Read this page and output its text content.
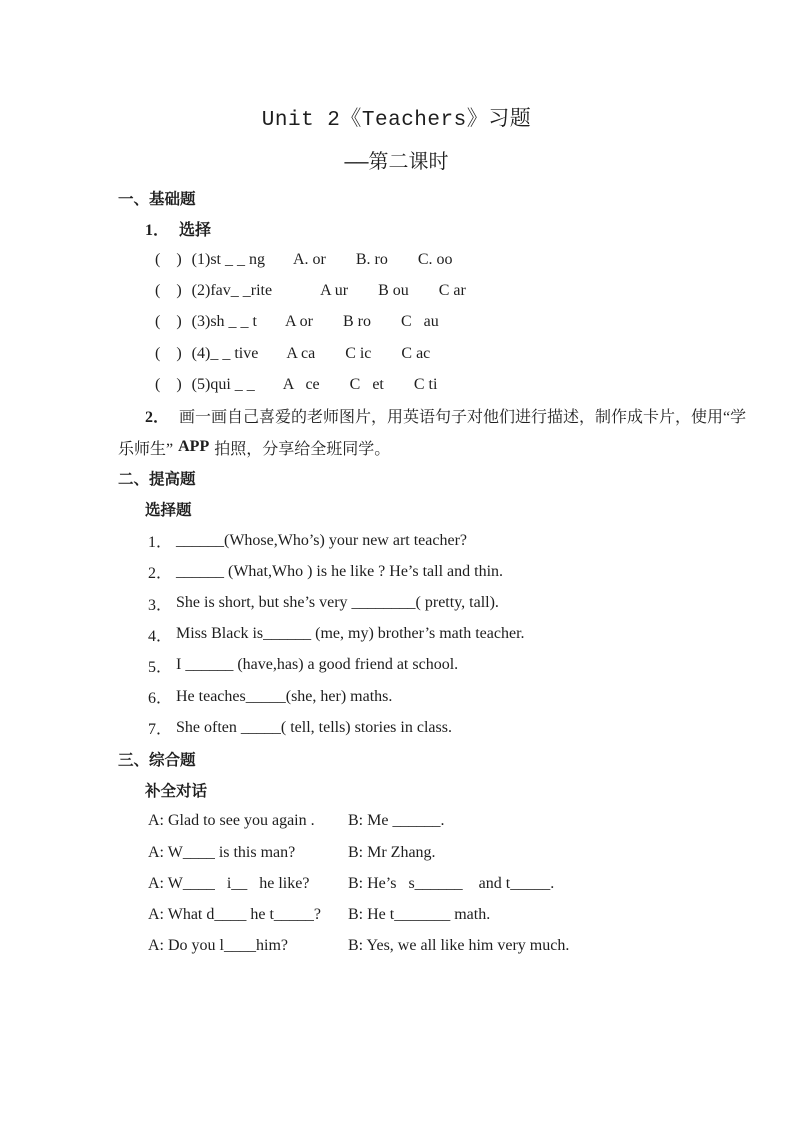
Unit 2《Teachers》习题
——第二课时
一、基础题
1． 选择
(    ) (1) st _ _ ng A. or B. ro C. oo
(    ) (2) fav_ _rite	A ur B ou C ar
(    ) (3) sh _ _ t A or B ro C   au
(    ) (4) _ _ tive A ca C ic C ac
(    ) (5) qui _ _ A   ce C   et C ti
2． 画一画自己喜爱的老师图片，用英语句子对他们进行描述，制作成卡片，使用“学
乐师生” APP 拍照，分享给全班同学。
二、提高题
选择题
1． ______(Whose,Who’s) your new art teacher?
2． ______ (What,Who ) is he like ? He’s tall and thin.
3． She is short, but she’s very ________( pretty, tall).
4． Miss Black is______ (me, my) brother’s math teacher.
5． I ______ (have,has) a good friend at school.
6． He teaches_____(she, her) maths.
7． She often _____( tell, tells) stories in class.
三、综合题
补全对话
A: Glad to see you again .	B: Me ______.
A: W____ is this man?	B: Mr Zhang.
A: W____   i__   he like?	B: He’s   s______    and t_____.
A: What d____ he t_____?	B: He t_______ math.
A: Do you l____him?	B: Yes, we all like him very much.
